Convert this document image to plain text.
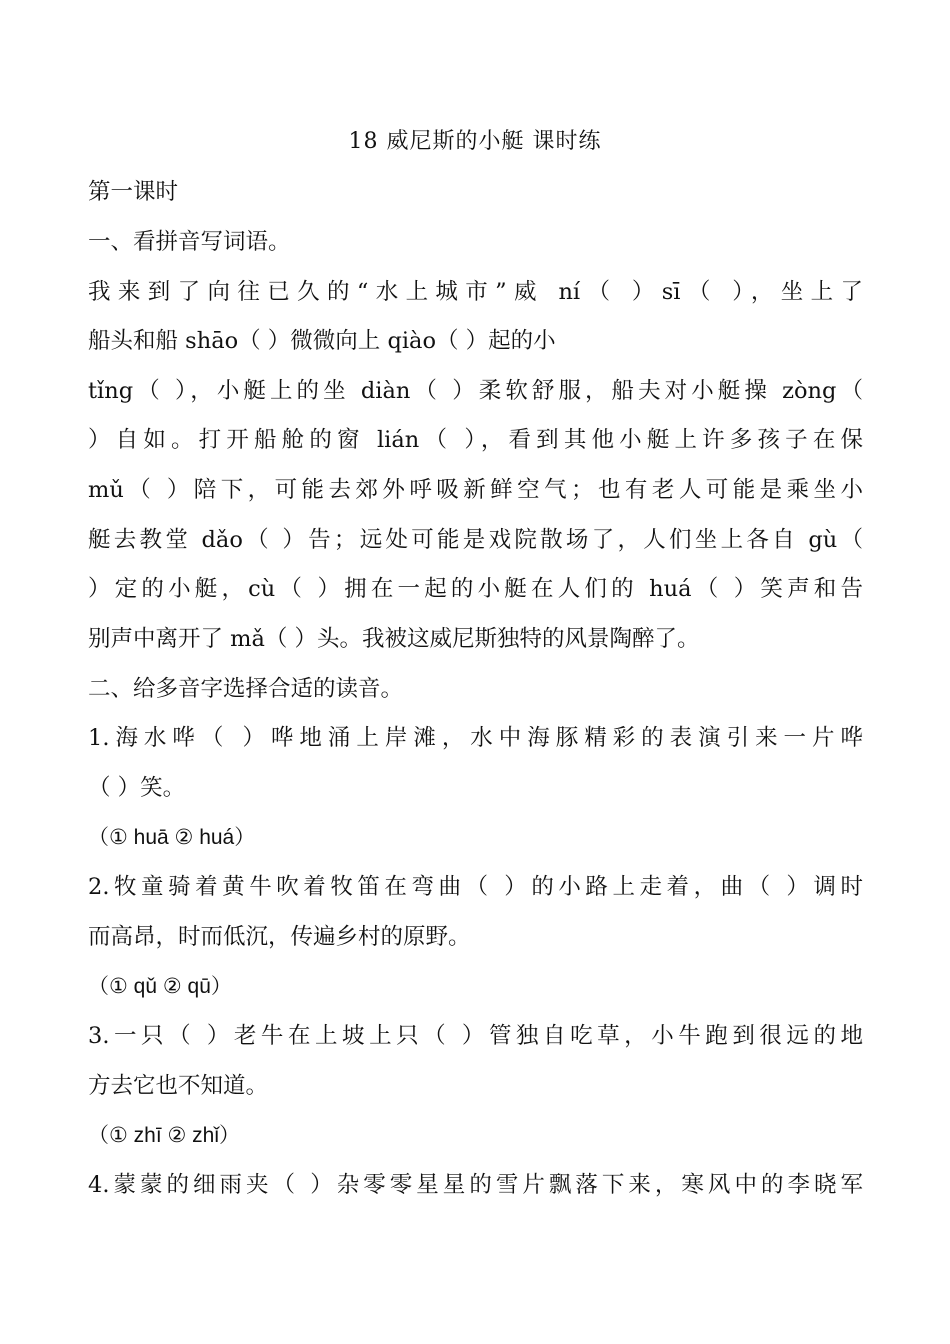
18 威尼斯的小艇 课时练
第一课时
一、看拼音写词语。
我来到了向往已久的“水上城市”威 ní（ ）sī（ ），坐上了
船头和船 shāo（ ）微微向上 qiào（ ）起的小
tǐng（ ），小艇上的坐 diàn（ ）柔软舒服，船夫对小艇操 zòng（
）自如。打开船舱的窗 lián（ ），看到其他小艇上许多孩子在保
mǔ（ ）陪下，可能去郊外呼吸新鲜空气；也有老人可能是乘坐小
艇去教堂 dǎo（ ）告；远处可能是戏院散场了，人们坐上各自 gù（
）定的小艇，cù（ ）拥在一起的小艇在人们的 huá（ ）笑声和告
别声中离开了 mǎ（ ）头。我被这威尼斯独特的风景陶醉了。
二、给多音字选择合适的读音。
1.海水哗（ ）哗地涌上岸滩，水中海豚精彩的表演引来一片哗
（ ）笑。
（① huā ② huá）
2.牧童骑着黄牛吹着牧笛在弯曲（ ）的小路上走着，曲（ ）调时
而高昂，时而低沉，传遍乡村的原野。
（① qǔ ② qū）
3.一只（ ）老牛在上坡上只（ ）管独自吃草，小牛跑到很远的地
方去它也不知道。
（① zhī ② zhǐ）
4.蒙蒙的细雨夹（ ）杂零零星星的雪片飘落下来，寒风中的李晓军
